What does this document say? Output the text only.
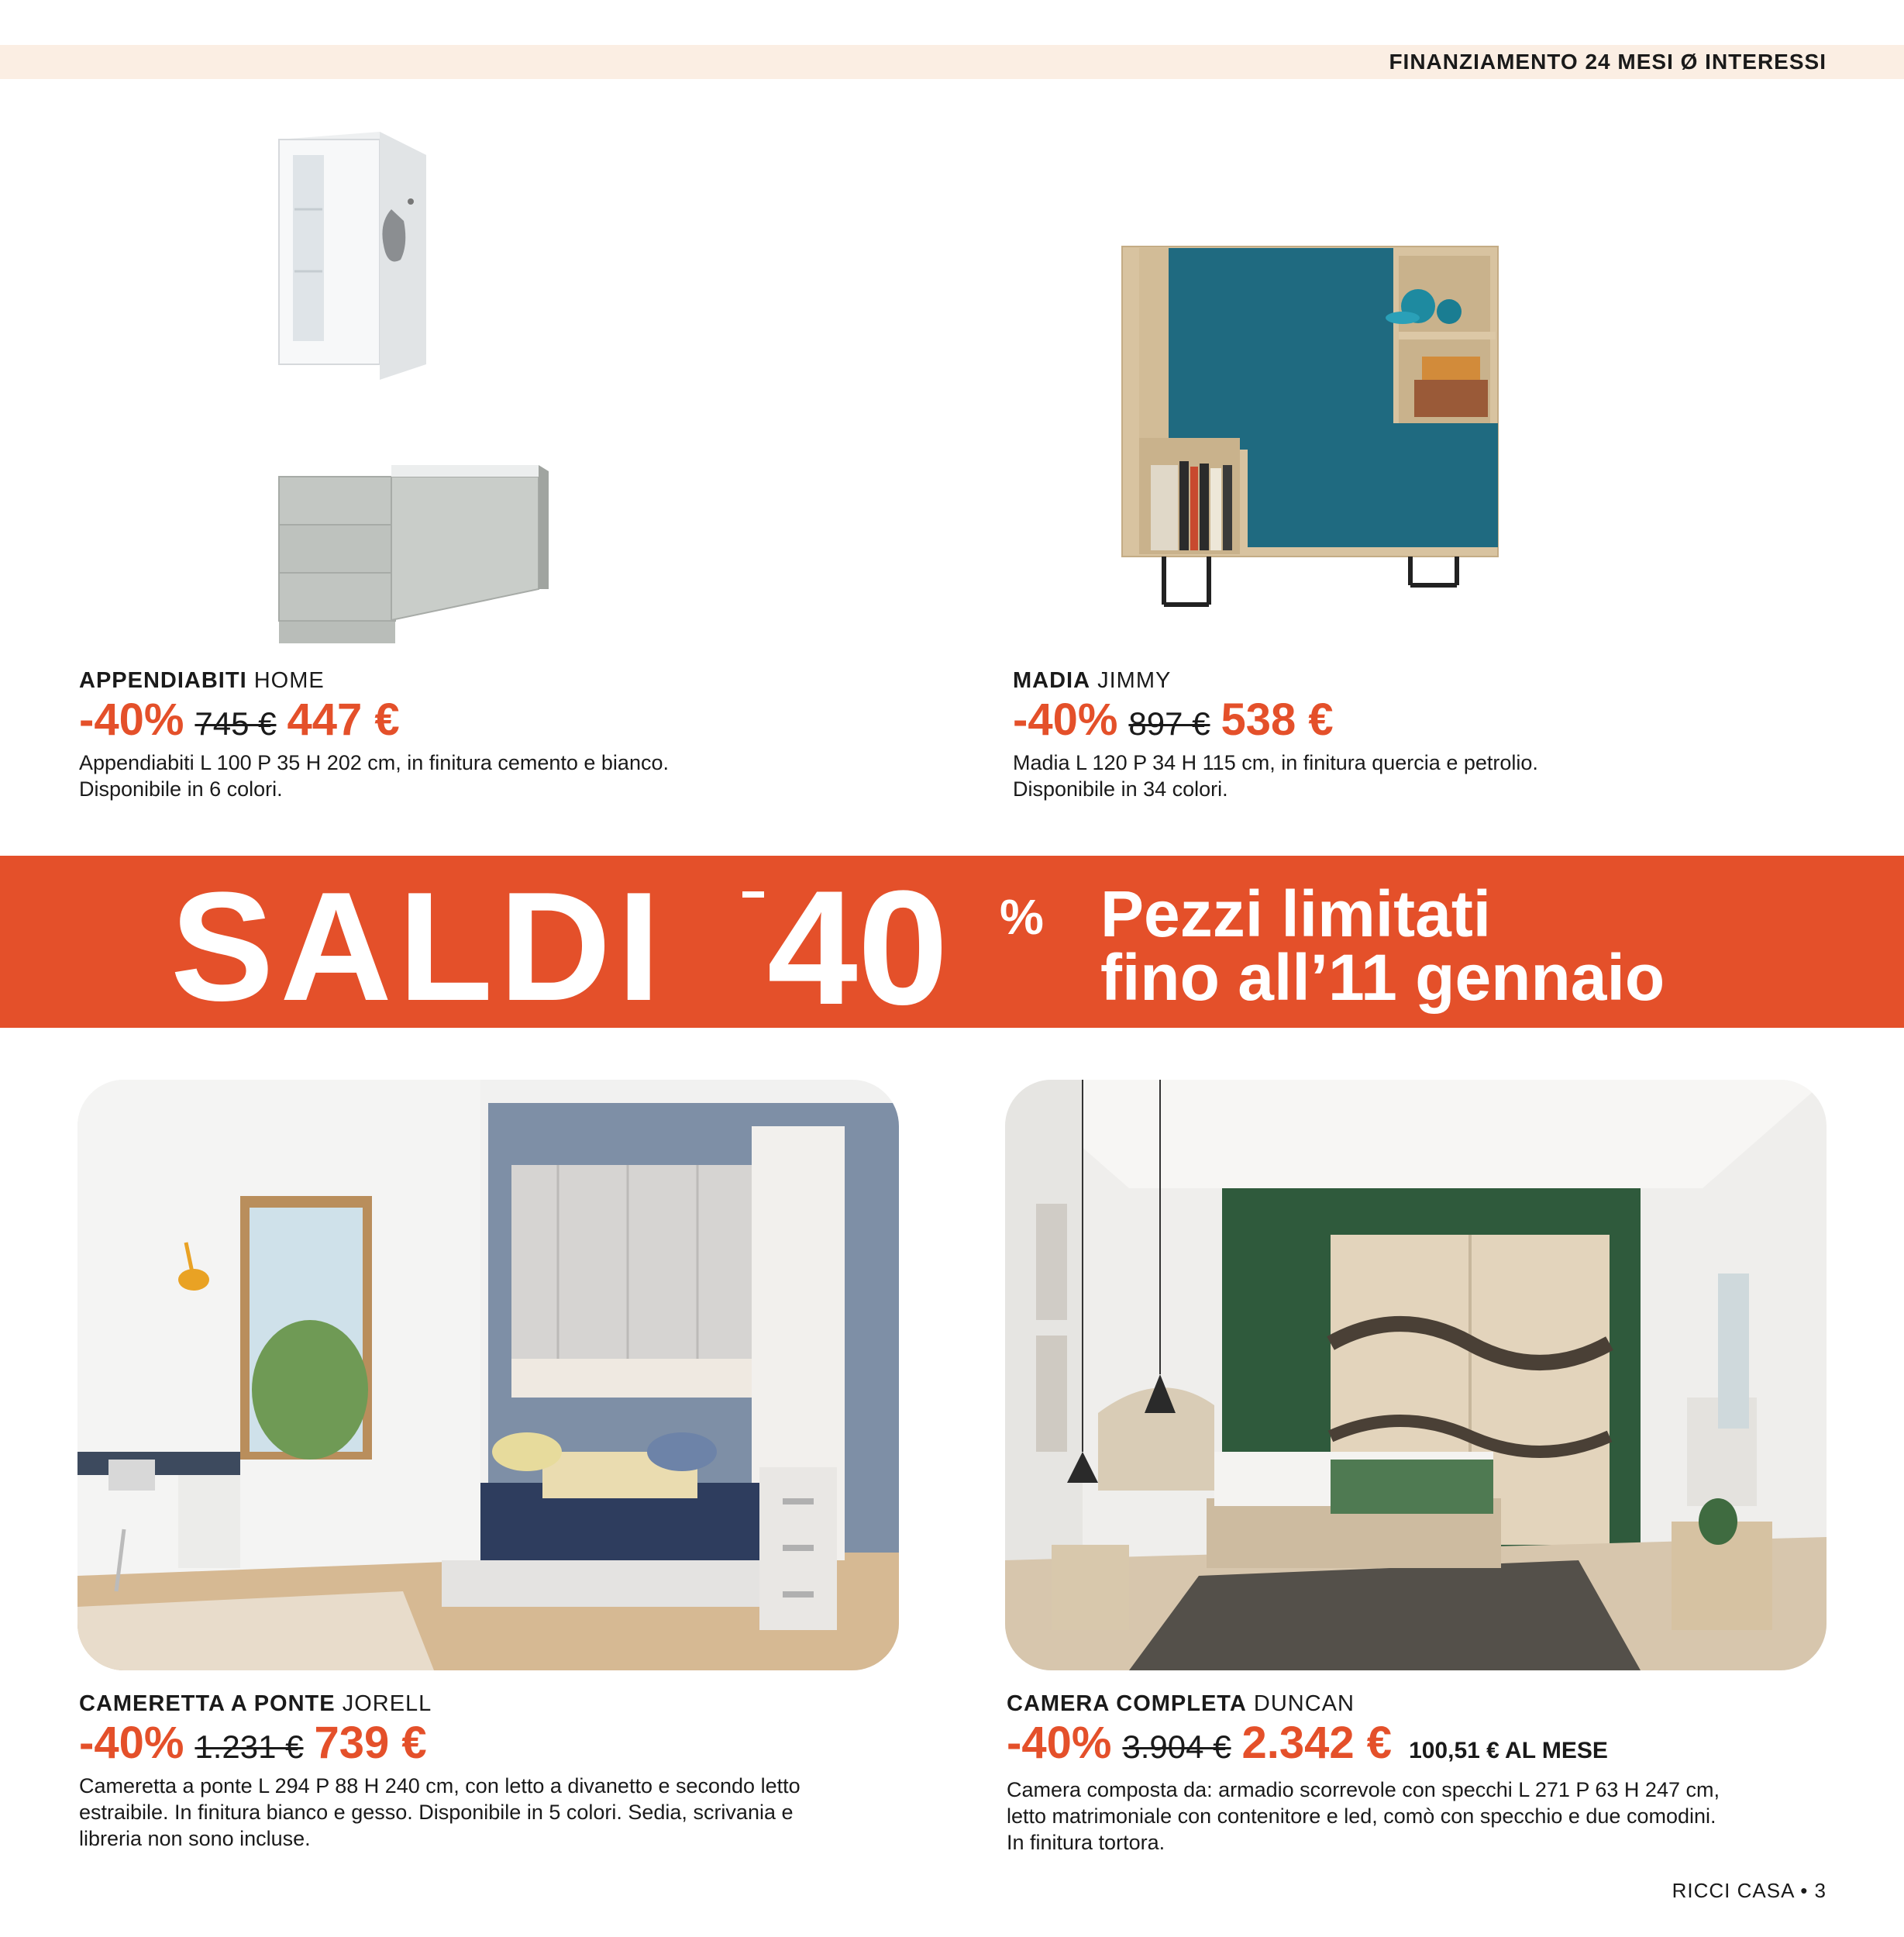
FINANZIAMENTO 24 MESI Ø INTERESSI
APPENDIABITI HOME
-40% 745 € 447 €
Appendiabiti L 100 P 35 H 202 cm, in finitura cemento e bianco.
Disponibile in 6 colori.
MADIA JIMMY
-40% 897 € 538 €
Madia L 120 P 34 H 115 cm, in finitura quercia e petrolio.
Disponibile in 34 colori.
SALDI 40 % Pezzi limitati
fino all’11 gennaio
CAMERETTA A PONTE JORELL
-40% 1.231 € 739 €
Cameretta a ponte L 294 P 88 H 240 cm, con letto a divanetto e secondo letto
estraibile. In finitura bianco e gesso. Disponibile in 5 colori. Sedia, scrivania e
libreria non sono incluse.
CAMERA COMPLETA DUNCAN
-40% 3.904 € 2.342 € 100,51 € AL MESE
Camera composta da: armadio scorrevole con specchi L 271 P 63 H 247 cm,
letto matrimoniale con contenitore e led, comò con specchio e due comodini.
In finitura tortora.
RICCI CASA • 3
